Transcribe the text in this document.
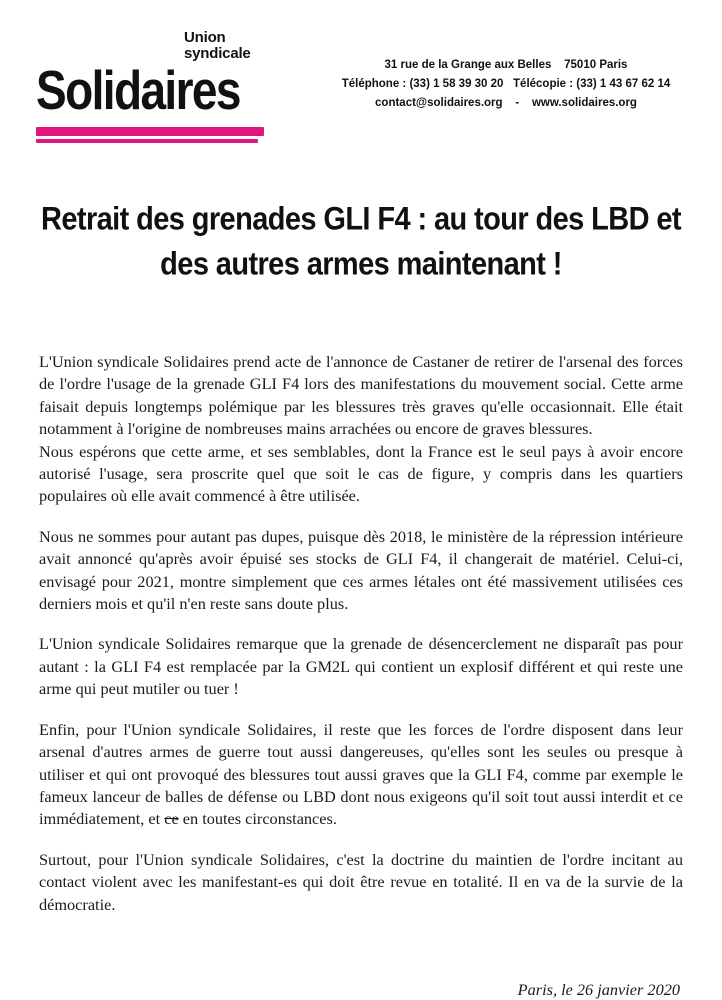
Union
syndicale
Solidaires	31 rue de la Grange aux Belles    75010 Paris
Téléphone : (33) 1 58 39 30 20   Télécopie : (33) 1 43 67 62 14
contact@solidaires.org    -    www.solidaires.org
Retrait des grenades GLI F4 : au tour des LBD et des autres armes maintenant !

L'Union syndicale Solidaires prend acte de l'annonce de Castaner de retirer de l'arsenal des forces de l'ordre l'usage de la grenade GLI F4 lors des manifestations du mouvement social. Cette arme faisait depuis longtemps polémique par les blessures très graves qu'elle occasionnait. Elle était notamment à l'origine de nombreuses mains arrachées ou encore de graves blessures.

Nous espérons que cette arme, et ses semblables, dont la France est le seul pays à avoir encore autorisé l'usage, sera proscrite quel que soit le cas de figure, y compris dans les quartiers populaires où elle avait commencé à être utilisée.

Nous ne sommes pour autant pas dupes, puisque dès 2018, le ministère de la répression intérieure avait annoncé qu'après avoir épuisé ses stocks de GLI F4, il changerait de matériel. Celui-ci, envisagé pour 2021, montre simplement que ces armes létales ont été massivement utilisées ces derniers mois et qu'il n'en reste sans doute plus.

L'Union syndicale Solidaires remarque que la grenade de désencerclement ne disparaît pas pour autant : la GLI F4 est remplacée par la GM2L qui contient un explosif différent et qui reste une arme qui peut mutiler ou tuer !

Enfin, pour l'Union syndicale Solidaires, il reste que les forces de l'ordre disposent dans leur arsenal d'autres armes de guerre tout aussi dangereuses, qu'elles sont les seules ou presque à utiliser et qui ont provoqué des blessures tout aussi graves que la GLI F4, comme par exemple le fameux lanceur de balles de défense ou LBD dont nous exigeons qu'il soit tout aussi interdit et ce immédiatement, et ce en toutes circonstances.

Surtout, pour l'Union syndicale Solidaires, c'est la doctrine du maintien de l'ordre incitant au contact violent avec les manifestant-es qui doit être revue en totalité. Il en va de la survie de la démocratie.

Paris, le 26 janvier 2020
